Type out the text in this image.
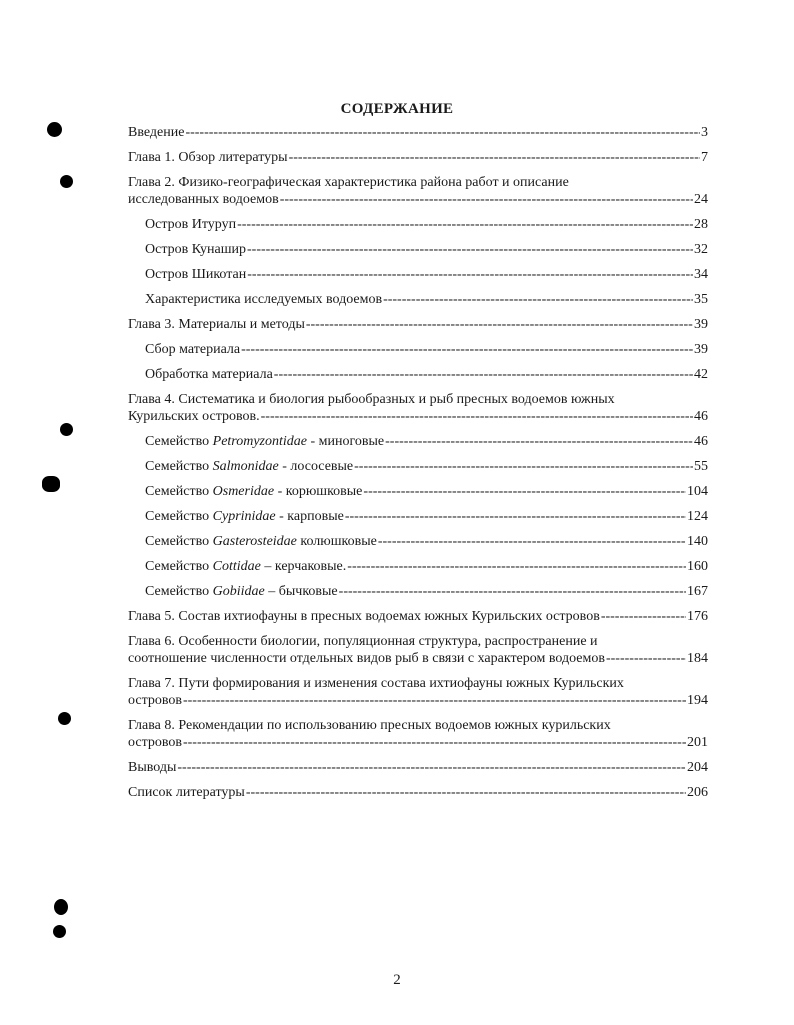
СОДЕРЖАНИЕ
Введение -----	3
Глава 1. Обзор литературы -----	7
Глава 2. Физико-географическая характеристика района работ и описание
исследованных водоемов -----	24
Остров Итуруп -----	28
Остров Кунашир -----	32
Остров Шикотан -----	34
Характеристика исследуемых водоемов -----	35
Глава 3. Материалы и методы -----	39
Сбор материала -----	39
Обработка материала -----	42
Глава 4. Систематика и биология рыбообразных и рыб пресных водоемов южных
Курильских островов. -----	46
Семейство Petromyzontidae - миноговые -----	46
Семейство Salmonidae - лососевые -----	55
Семейство Osmeridae - корюшковые -----	104
Семейство Cyprinidae - карповые -----	124
Семейство Gasterosteidae колюшковые -----	140
Семейство Cottidae – керчаковые. -----	160
Семейство Gobiidae – бычковые -----	167
Глава 5. Состав ихтиофауны в пресных водоемах южных Курильских островов -----	176
Глава 6. Особенности биологии, популяционная структура, распространение и
соотношение численности отдельных видов рыб в связи с характером водоемов -----	184
Глава 7. Пути формирования и изменения состава ихтиофауны южных Курильских
островов -----	194
Глава 8. Рекомендации по использованию пресных водоемов южных курильских
островов -----	201
Выводы -----	204
Список литературы -----	206
2
